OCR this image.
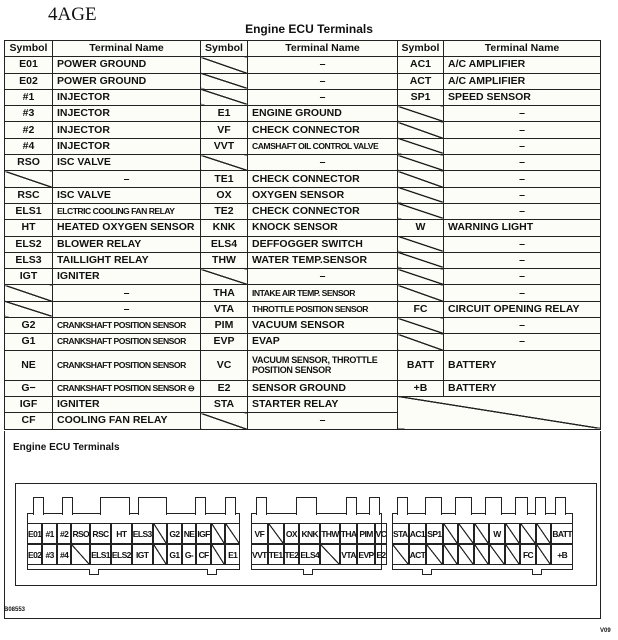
4AGE
Engine ECU Terminals
Symbol	Terminal Name	Symbol	Terminal Name	Symbol	Terminal Name
E01	POWER GROUND		–	AC1	A/C AMPLIFIER
E02	POWER GROUND		–	ACT	A/C AMPLIFIER
#1	INJECTOR		–	SP1	SPEED SENSOR
#3	INJECTOR	E1	ENGINE GROUND		–
#2	INJECTOR	VF	CHECK CONNECTOR		–
#4	INJECTOR	VVT	CAMSHAFT OIL CONTROL VALVE		–
RSO	ISC VALVE		–		–
	–	TE1	CHECK CONNECTOR		–
RSC	ISC VALVE	OX	OXYGEN SENSOR		–
ELS1	ELCTRIC COOLING FAN RELAY	TE2	CHECK CONNECTOR		–
HT	HEATED OXYGEN SENSOR	KNK	KNOCK SENSOR	W	WARNING LIGHT
ELS2	BLOWER RELAY	ELS4	DEFFOGGER SWITCH		–
ELS3	TAILLIGHT RELAY	THW	WATER TEMP.SENSOR		–
IGT	IGNITER		–		–
	–	THA	INTAKE AIR TEMP. SENSOR		–
	–	VTA	THROTTLE POSITION SENSOR	FC	CIRCUIT OPENING RELAY
G2	CRANKSHAFT POSITION SENSOR	PIM	VACUUM SENSOR		–
G1	CRANKSHAFT POSITION SENSOR	EVP	EVAP		–
NE	CRANKSHAFT POSITION SENSOR	VC	VACUUM SENSOR, THROTTLE POSITION SENSOR	BATT	BATTERY
G−	CRANKSHAFT POSITION SENSOR ⊖	E2	SENSOR GROUND	+B	BATTERY
IGF	IGNITER	STA	STARTER RELAY		
CF	COOLING FAN RELAY		–		
Engine ECU Terminals
E01 #1 #2 RSO RSC HT ELS3 G2 NE IGF
E02 #3 #4	ELS1 ELS2 IGT	G1 G- CF	E1
VF	OX KNK THW THA PIM VC
VVT TE1 TE2 ELS4	VTA EVP E2
STA AC1 SP1	W	BATT
ACT	FC	+B
B08553
V09
